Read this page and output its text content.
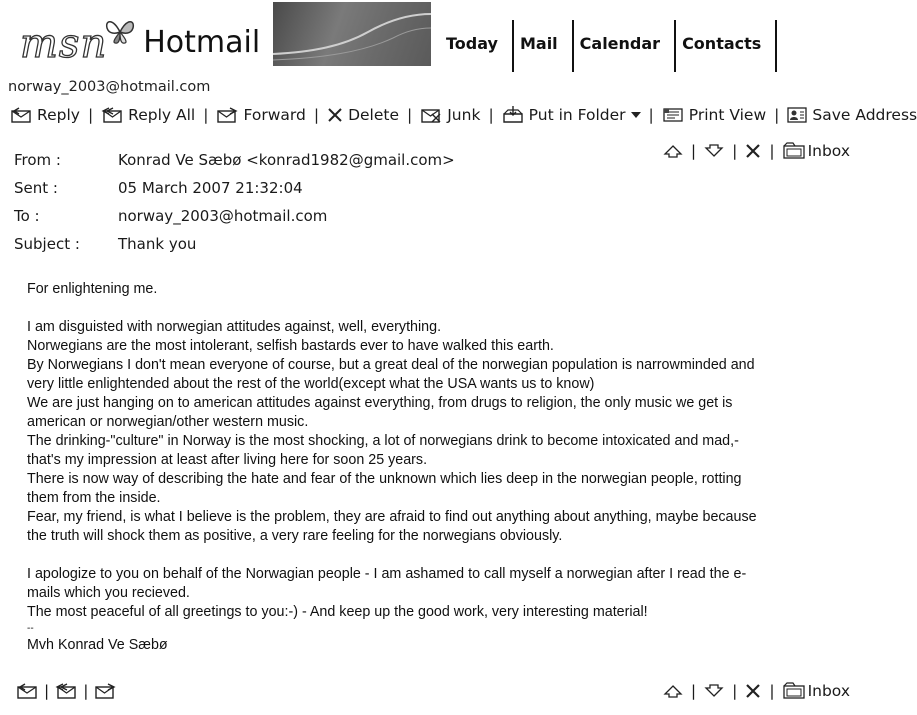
msn Hotmail	Today	Mail	Calendar	Contacts
norway_2003@hotmail.com
Reply | Reply All | Forward | Delete | Junk | Put in Folder | Print View | Save Address
From :	Konrad Ve Sæbø <konrad1982@gmail.com>
Sent :	05 March 2007 21:32:04
To :	norway_2003@hotmail.com
Subject :	Thank you
| | | Inbox

For enlightening me.

I am disguisted with norwegian attitudes against, well, everything.

Norwegians are the most intolerant, selfish bastards ever to have walked this earth.

By Norwegians I don't mean everyone of course, but a great deal of the norwegian population is narrowminded and

very little enlightended about the rest of the world(except what the USA wants us to know)

We are just hanging on to american attitudes against everything, from drugs to religion, the only music we get is

american or norwegian/other western music.

The drinking-"culture" in Norway is the most shocking, a lot of norwegians drink to become intoxicated and mad,-

that's my impression at least after living here for soon 25 years.

There is now way of describing the hate and fear of the unknown which lies deep in the norwegian people, rotting

them from the inside.

Fear, my friend, is what I believe is the problem, they are afraid to find out anything about anything, maybe because

the truth will shock them as positive, a very rare feeling for the norwegians obviously.

I apologize to you on behalf of the Norwagian people - I am ashamed to call myself a norwegian after I read the e-

mails which you recieved.

The most peaceful of all greetings to you:-) - And keep up the good work, very interesting material!

--

Mvh Konrad Ve Sæbø

| |	| | | Inbox
